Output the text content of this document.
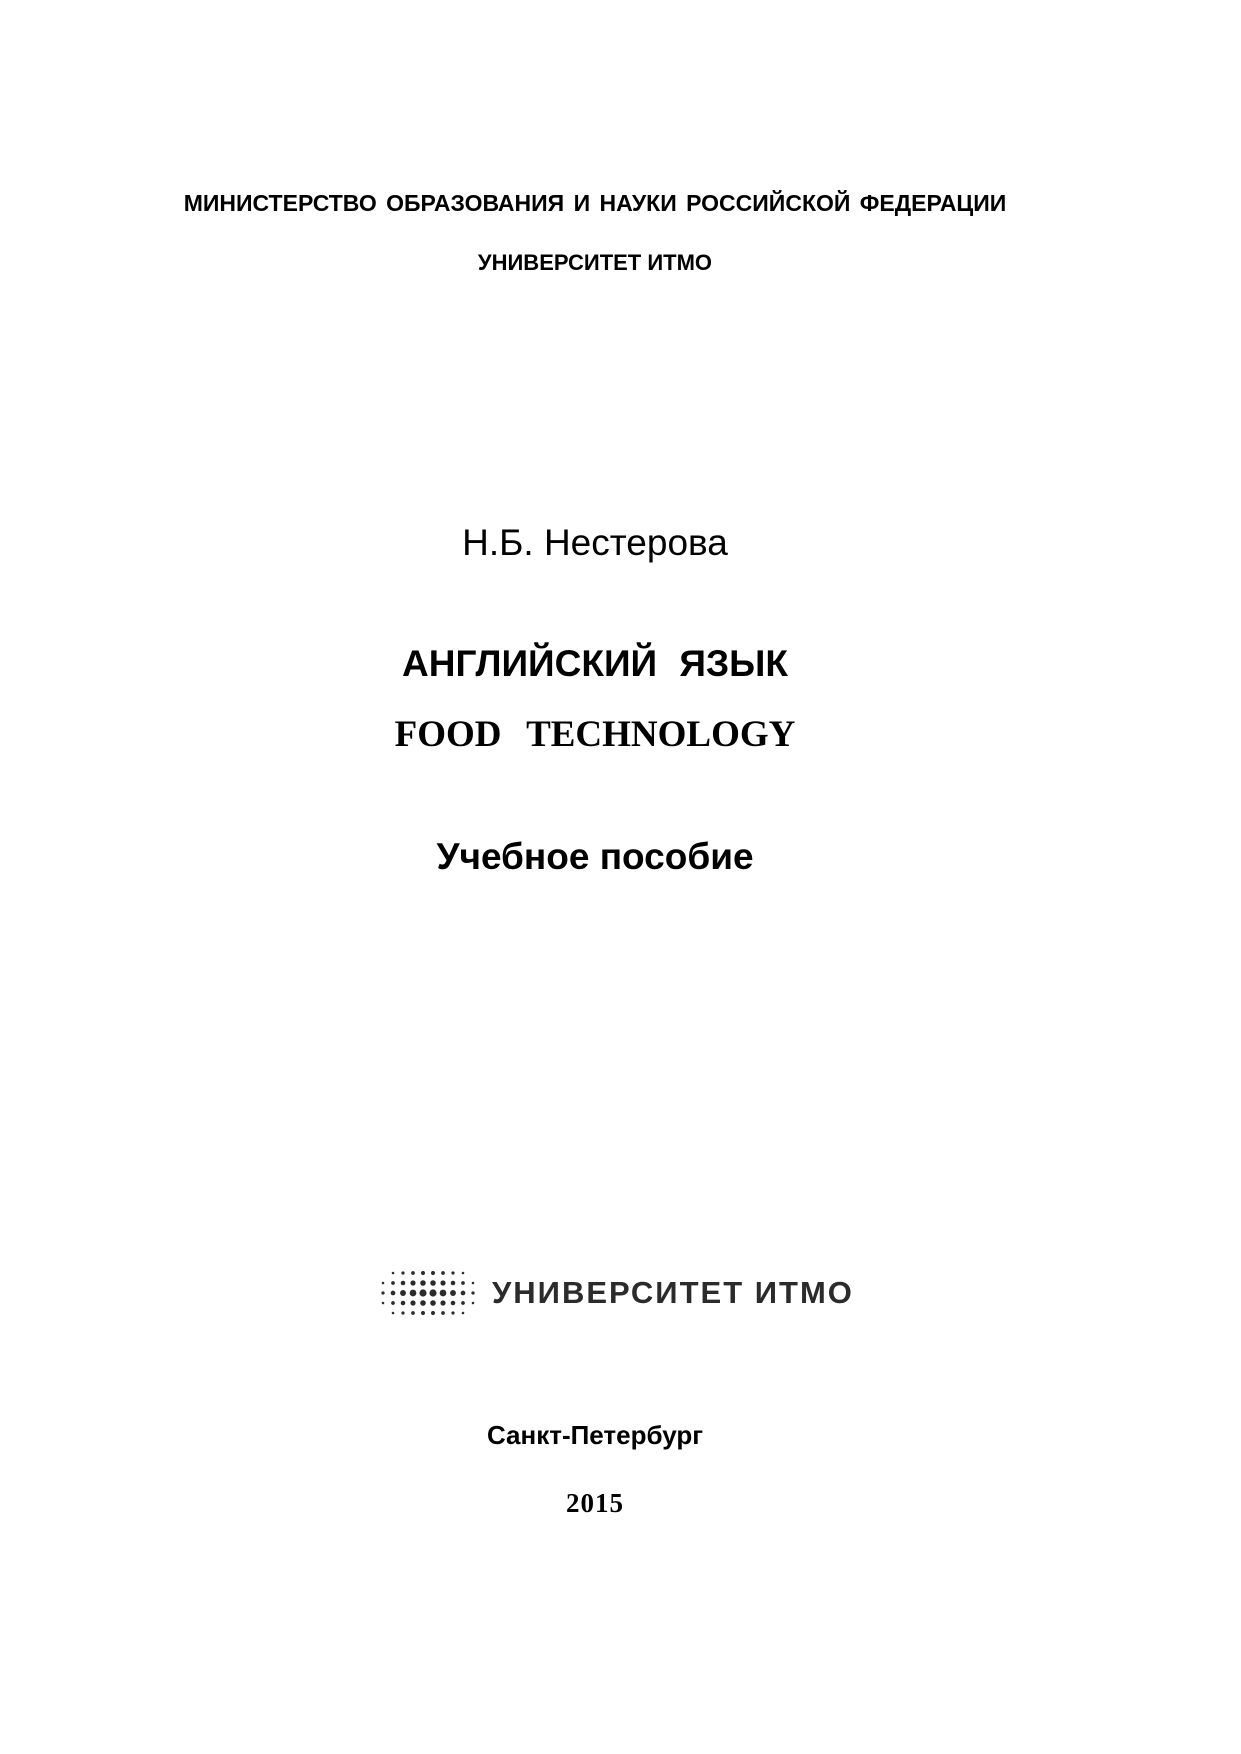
МИНИСТЕРСТВО ОБРАЗОВАНИЯ И НАУКИ РОССИЙСКОЙ ФЕДЕРАЦИИ
УНИВЕРСИТЕТ ИТМО
Н.Б. Нестерова
АНГЛИЙСКИЙ ЯЗЫК
FOOD TECHNOLOGY
Учебное пособие
УНИВЕРСИТЕТ ИТМО
Санкт-Петербург
2015
